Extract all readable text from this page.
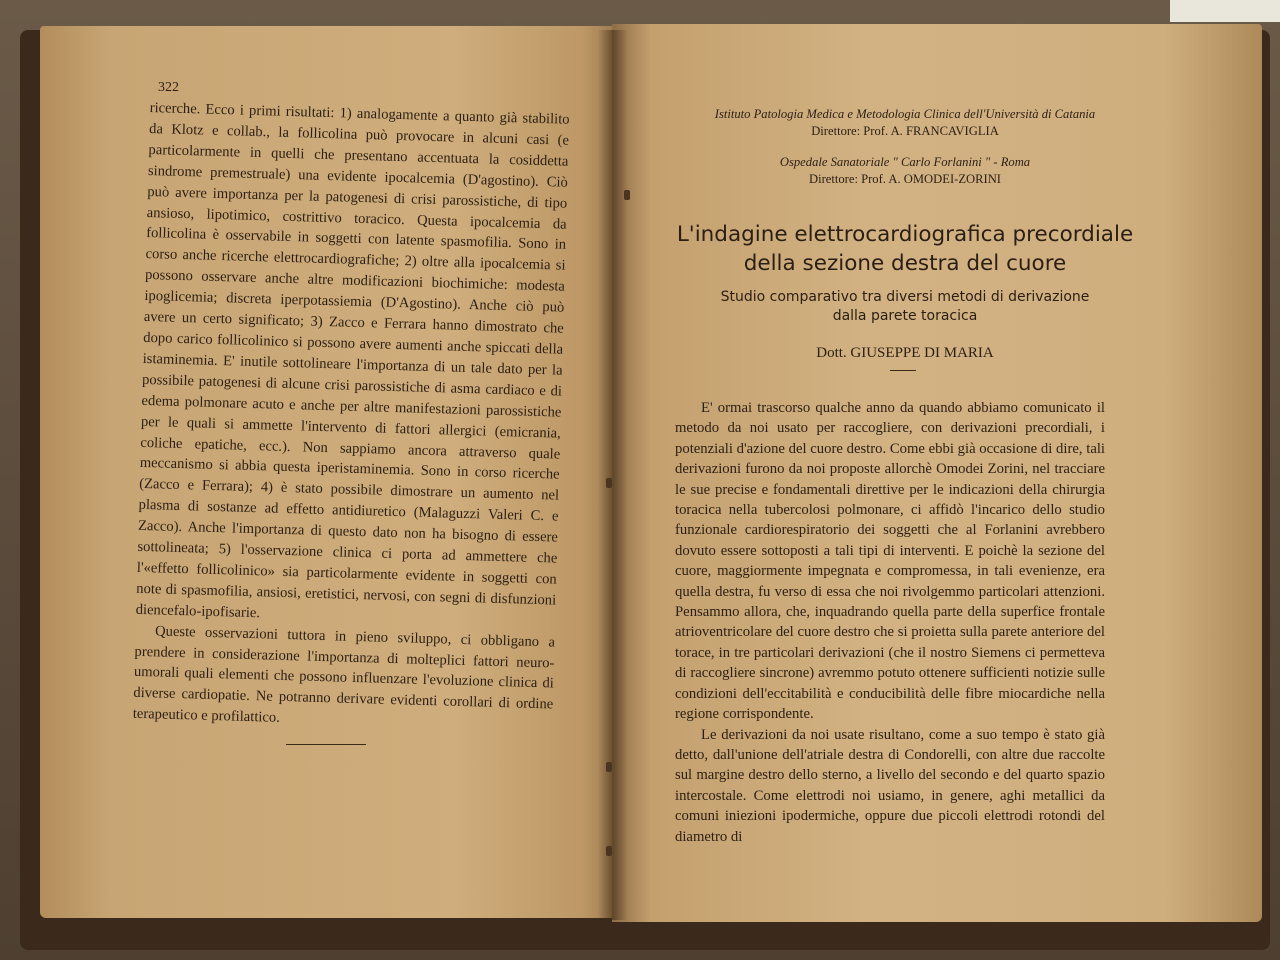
322

ricerche. Ecco i primi risultati: 1) analogamente a quanto già stabilito da Klotz e collab., la follicolina può provocare in alcuni casi (e particolarmente in quelli che presentano accentuata la cosiddetta sindrome premestruale) una evidente ipocalcemia (D'agostino). Ciò può avere importanza per la patogenesi di crisi parossistiche, di tipo ansioso, lipotimico, costrittivo toracico. Questa ipocalcemia da follicolina è osservabile in soggetti con latente spasmofilia. Sono in corso anche ricerche elettrocardiografiche; 2) oltre alla ipocalcemia si possono osservare anche altre modificazioni biochimiche: modesta ipoglicemia; discreta iperpotassiemia (D'Agostino). Anche ciò può avere un certo significato; 3) Zacco e Ferrara hanno dimostrato che dopo carico follicolinico si possono avere aumenti anche spiccati della istaminemia. E' inutile sottolineare l'importanza di un tale dato per la possibile patogenesi di alcune crisi parossistiche di asma cardiaco e di edema polmonare acuto e anche per altre manifestazioni parossistiche per le quali si ammette l'intervento di fattori allergici (emicrania, coliche epatiche, ecc.). Non sappiamo ancora attraverso quale meccanismo si abbia questa iperistaminemia. Sono in corso ricerche (Zacco e Ferrara); 4) è stato possibile dimostrare un aumento nel plasma di sostanze ad effetto antidiuretico (Malaguzzi Valeri C. e Zacco). Anche l'importanza di questo dato non ha bisogno di essere sottolineata; 5) l'osservazione clinica ci porta ad ammettere che l'«effetto follicolinico» sia particolarmente evidente in soggetti con note di spasmofilia, ansiosi, eretistici, nervosi, con segni di disfunzioni diencefalo-ipofisarie.

Queste osservazioni tuttora in pieno sviluppo, ci obbligano a prendere in considerazione l'importanza di molteplici fattori neuro-umorali quali elementi che possono influenzare l'evoluzione clinica di diverse cardiopatie. Ne potranno derivare evidenti corollari di ordine terapeutico e profilattico.

Istituto Patologia Medica e Metodologia Clinica dell'Università di Catania
Direttore: Prof. A. FRANCAVIGLIA
Ospedale Sanatoriale " Carlo Forlanini " - Roma
Direttore: Prof. A. OMODEI-ZORINI
L'indagine elettrocardiografica precordiale
della sezione destra del cuore
Studio comparativo tra diversi metodi di derivazione
dalla parete toracica
Dott. GIUSEPPE DI MARIA

E' ormai trascorso qualche anno da quando abbiamo comunicato il metodo da noi usato per raccogliere, con derivazioni precordiali, i potenziali d'azione del cuore destro. Come ebbi già occasione di dire, tali derivazioni furono da noi proposte allorchè Omodei Zorini, nel tracciare le sue precise e fondamentali direttive per le indicazioni della chirurgia toracica nella tubercolosi polmonare, ci affidò l'incarico dello studio funzionale cardiorespiratorio dei soggetti che al Forlanini avrebbero dovuto essere sottoposti a tali tipi di interventi. E poichè la sezione del cuore, maggiormente impegnata e compromessa, in tali evenienze, era quella destra, fu verso di essa che noi rivolgemmo particolari attenzioni. Pensammo allora, che, inquadrando quella parte della superfice frontale atrioventricolare del cuore destro che si proietta sulla parete anteriore del torace, in tre particolari derivazioni (che il nostro Siemens ci permetteva di raccogliere sincrone) avremmo potuto ottenere sufficienti notizie sulle condizioni dell'eccitabilità e conducibilità delle fibre miocardiche nella regione corrispondente.

Le derivazioni da noi usate risultano, come a suo tempo è stato già detto, dall'unione dell'atriale destra di Condorelli, con altre due raccolte sul margine destro dello sterno, a livello del secondo e del quarto spazio intercostale. Come elettrodi noi usiamo, in genere, aghi metallici da comuni iniezioni ipodermiche, oppure due piccoli elettrodi rotondi del diametro di
